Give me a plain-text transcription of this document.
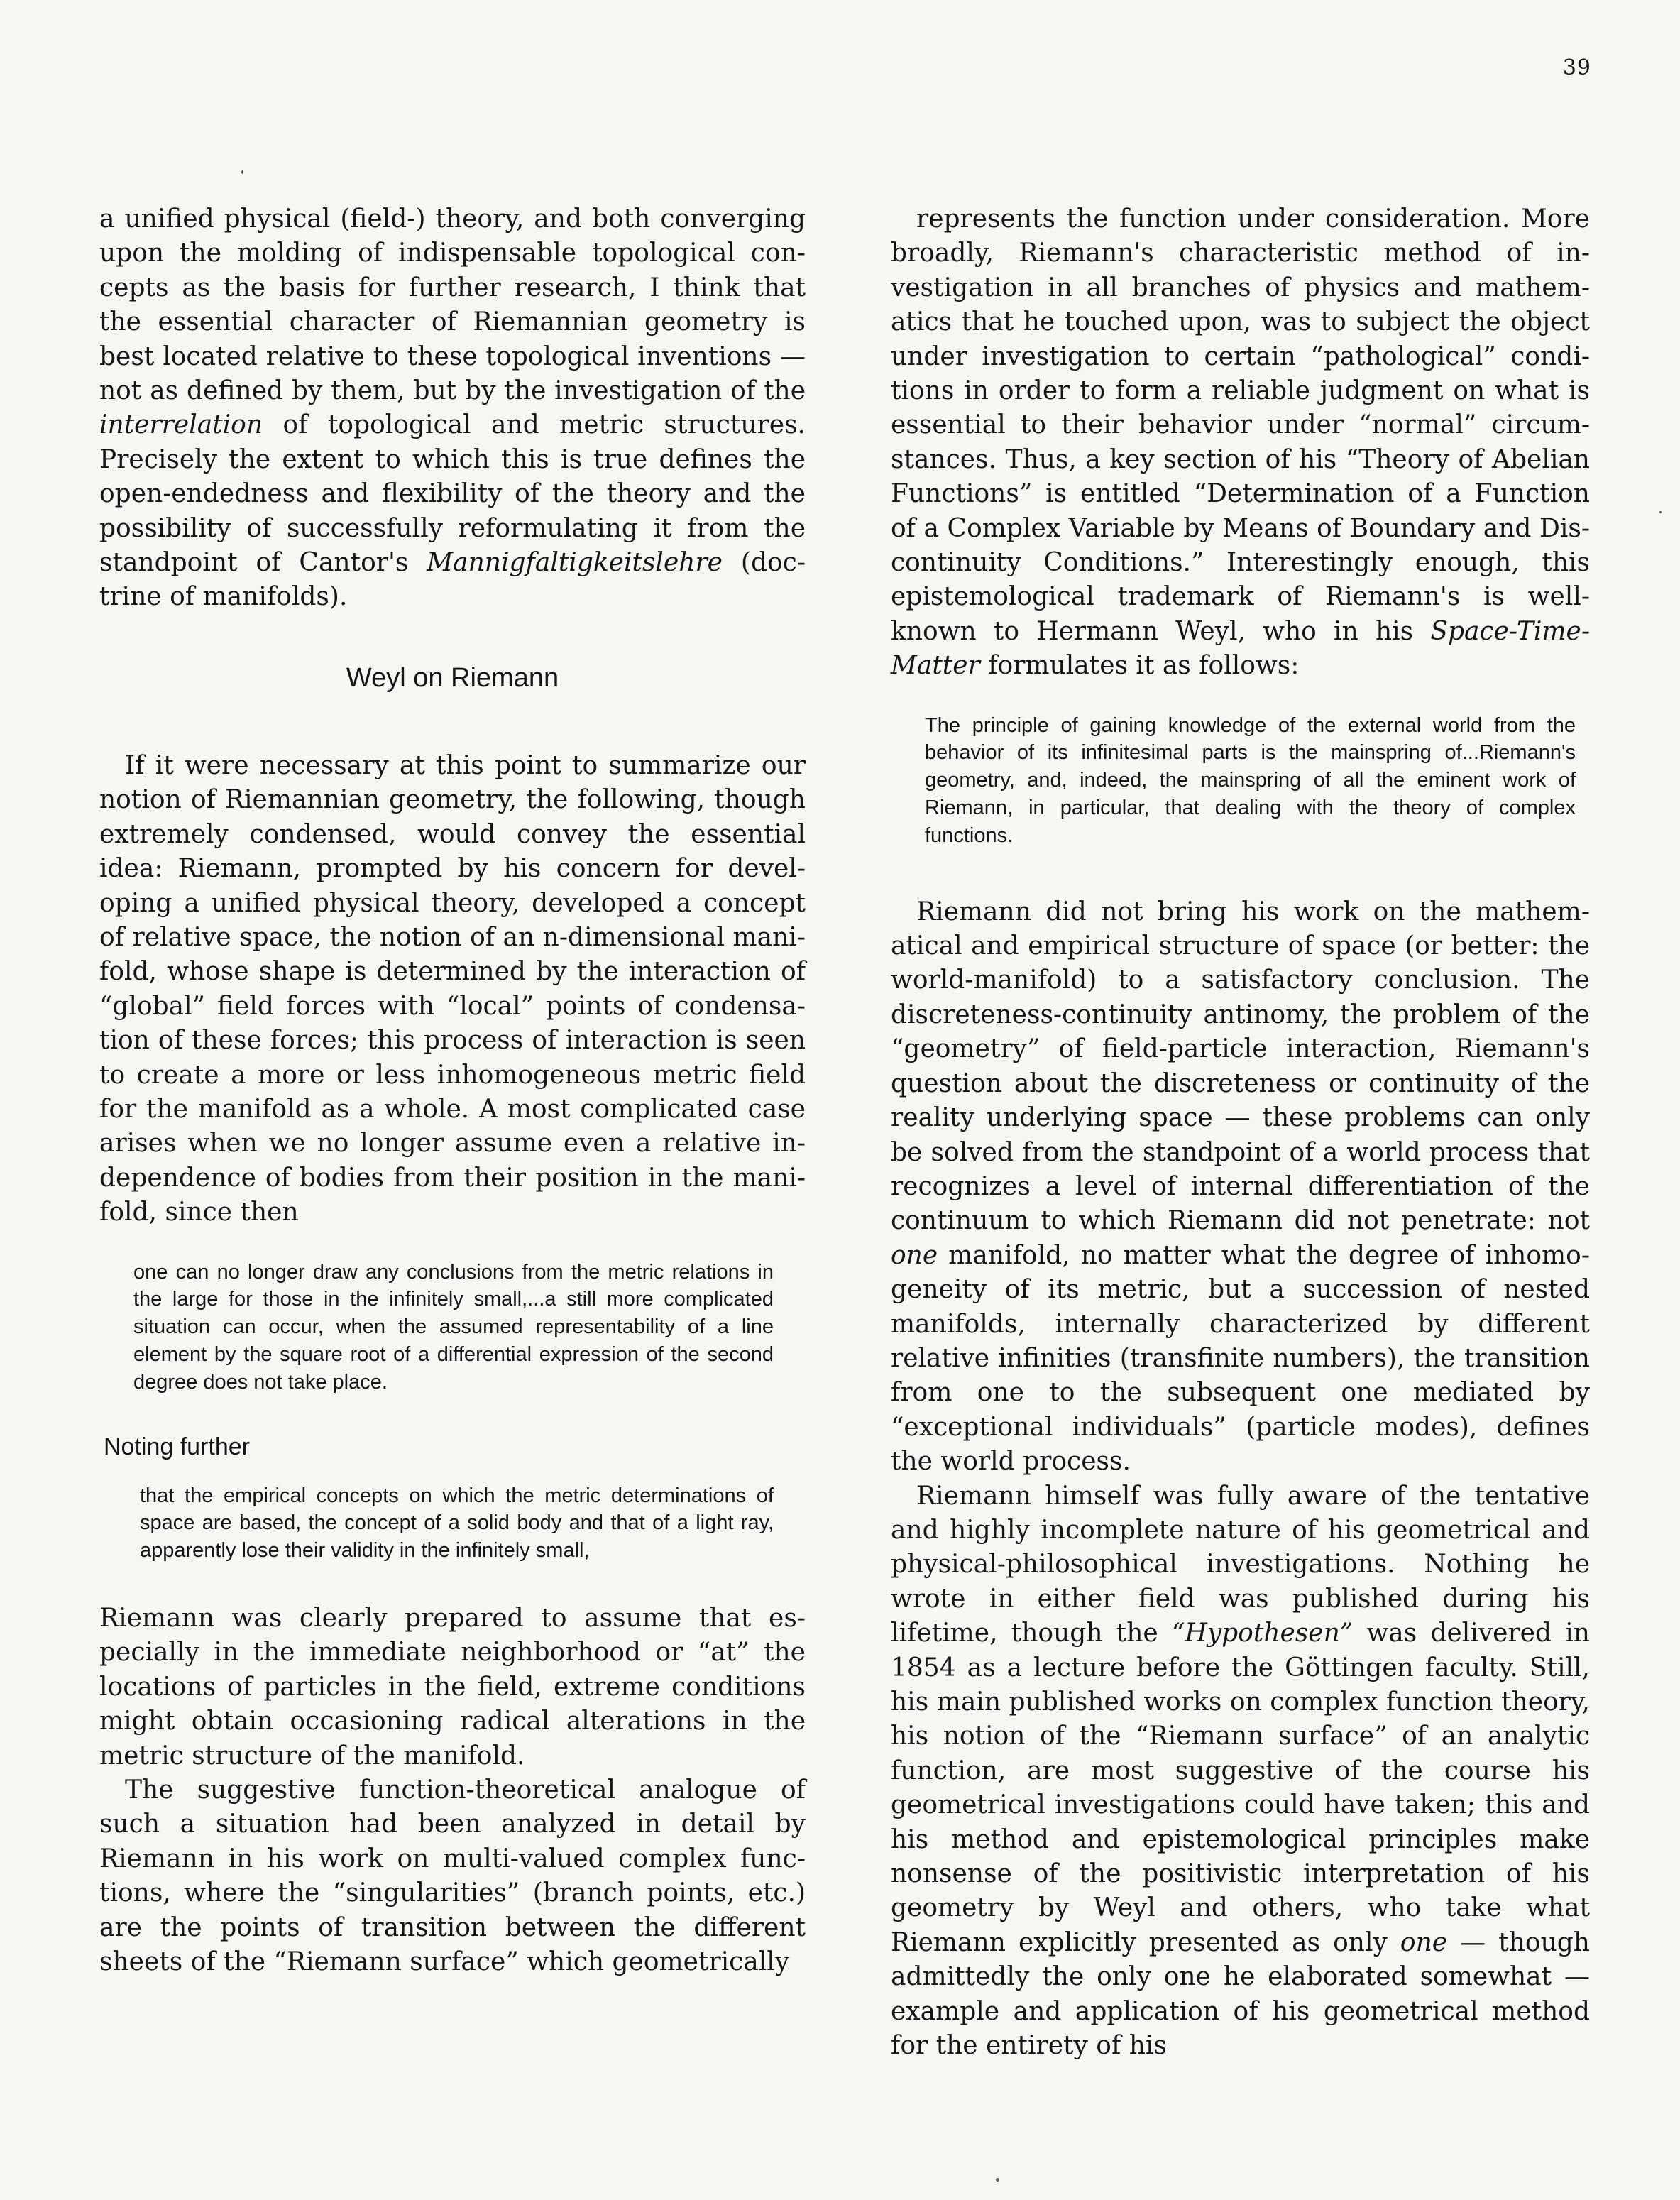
39

a unified physical (field-) theory, and both converging upon the molding of indispensable topological concepts as the basis for further research, I think that the essential character of Riemannian geometry is best located relative to these topological inventions — not as defined by them, but by the investigation of the interrelation of topological and metric structures. Precisely the extent to which this is true defines the open-endedness and flexibility of the theory and the possibility of successfully reformulating it from the standpoint of Cantor's Mannigfaltigkeitslehre (doctrine of manifolds).

Weyl on Riemann

If it were necessary at this point to summarize our notion of Riemannian geometry, the following, though extremely condensed, would convey the essential idea: Riemann, prompted by his concern for developing a unified physical theory, developed a concept of relative space, the notion of an n-dimensional manifold, whose shape is determined by the interaction of “global” field forces with “local” points of condensation of these forces; this process of interaction is seen to create a more or less inhomogeneous metric field for the manifold as a whole. A most complicated case arises when we no longer assume even a relative independence of bodies from their position in the manifold, since then

one can no longer draw any conclusions from the metric relations in the large for those in the infinitely small,...a still more complicated situation can occur, when the assumed representability of a line element by the square root of a differential expression of the second degree does not take place.
Noting further
that the empirical concepts on which the metric determinations of space are based, the concept of a solid body and that of a light ray, apparently lose their validity in the infinitely small,

Riemann was clearly prepared to assume that especially in the immediate neighborhood or “at” the locations of particles in the field, extreme conditions might obtain occasioning radical alterations in the metric structure of the manifold.

The suggestive function-theoretical analogue of such a situation had been analyzed in detail by Riemann in his work on multi-valued complex functions, where the “singularities” (branch points, etc.) are the points of transition between the different sheets of the “Riemann surface” which geometrically

represents the function under consideration. More broadly, Riemann's characteristic method of investigation in all branches of physics and mathematics that he touched upon, was to subject the object under investigation to certain “pathological” conditions in order to form a reliable judgment on what is essential to their behavior under “normal” circumstances. Thus, a key section of his “Theory of Abelian Functions” is entitled “Determination of a Function of a Complex Variable by Means of Boundary and Discontinuity Conditions.” Interestingly enough, this epistemological trademark of Riemann's is well-known to Hermann Weyl, who in his Space-Time-Matter formulates it as follows:

The principle of gaining knowledge of the external world from the behavior of its infinitesimal parts is the mainspring of...Riemann's geometry, and, indeed, the mainspring of all the eminent work of Riemann, in particular, that dealing with the theory of complex functions.

Riemann did not bring his work on the mathematical and empirical structure of space (or better: the world-manifold) to a satisfactory conclusion. The discreteness-continuity antinomy, the problem of the “geometry” of field-particle interaction, Riemann's question about the discreteness or continuity of the reality underlying space — these problems can only be solved from the standpoint of a world process that recognizes a level of internal differentiation of the continuum to which Riemann did not penetrate: not one manifold, no matter what the degree of inhomogeneity of its metric, but a succession of nested manifolds, internally characterized by different relative infinities (transfinite numbers), the transition from one to the subsequent one mediated by “exceptional individuals” (particle modes), defines the world process.

Riemann himself was fully aware of the tentative and highly incomplete nature of his geometrical and physical-philosophical investigations. Nothing he wrote in either field was published during his lifetime, though the “Hypothesen” was delivered in 1854 as a lecture before the Göttingen faculty. Still, his main published works on complex function theory, his notion of the “Riemann surface” of an analytic function, are most suggestive of the course his geometrical investigations could have taken; this and his method and epistemological principles make nonsense of the positivistic interpretation of his geometry by Weyl and others, who take what Riemann explicitly presented as only one — though admittedly the only one he elaborated somewhat — example and application of his geometrical method for the entirety of his
